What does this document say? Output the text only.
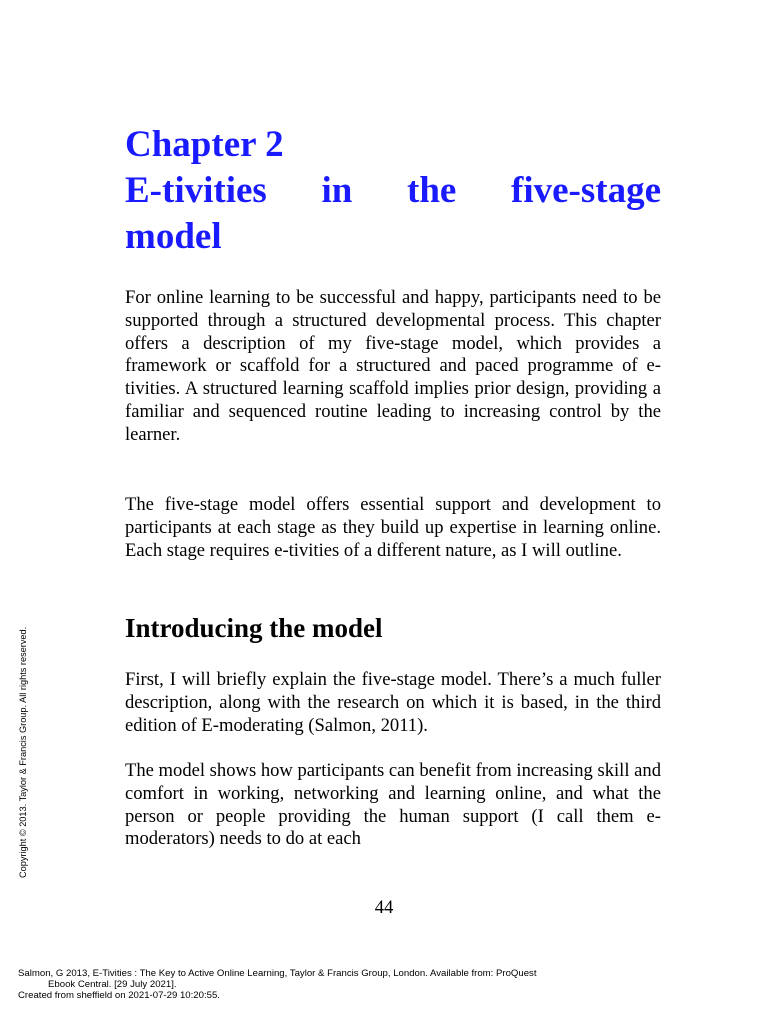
Chapter 2
E-tivities in the five-stage
model

For online learning to be successful and happy, participants need to be supported through a structured developmental process. This chapter offers a description of my five-stage model, which provides a framework or scaffold for a structured and paced programme of e-tivities. A structured learning scaffold implies prior design, providing a familiar and sequenced routine leading to increasing control by the learner.

The five-stage model offers essential support and development to participants at each stage as they build up expertise in learning online. Each stage requires e-tivities of a different nature, as I will outline.

Introducing the model

First, I will briefly explain the five-stage model. There’s a much fuller description, along with the research on which it is based, in the third edition of E-moderating (Salmon, 2011).

The model shows how participants can benefit from increasing skill and comfort in working, networking and learning online, and what the person or people providing the human support (I call them e-moderators) needs to do at each

44
Copyright © 2013. Taylor & Francis Group. All rights reserved.
Salmon, G 2013, E-Tivities : The Key to Active Online Learning, Taylor & Francis Group, London. Available from: ProQuest
Ebook Central. [29 July 2021].
Created from sheffield on 2021-07-29 10:20:55.
